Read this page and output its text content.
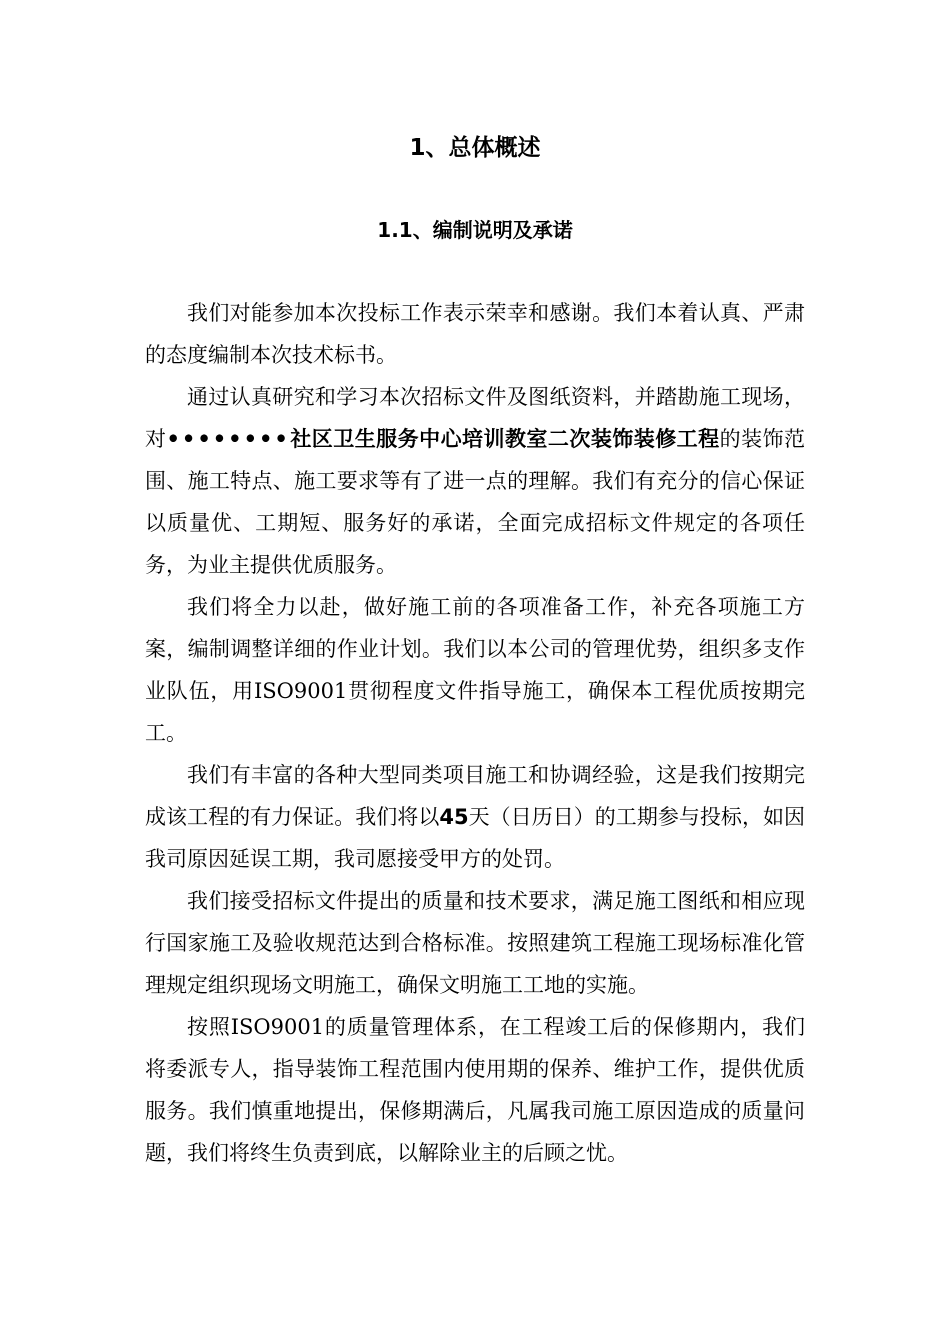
1、总体概述
1.1、编制说明及承诺

我们对能参加本次投标工作表示荣幸和感谢。我们本着认真、严肃的态度编制本次技术标书。

通过认真研究和学习本次招标文件及图纸资料，并踏勘施工现场，对••••••••社区卫生服务中心培训教室二次装饰装修工程的装饰范围、施工特点、施工要求等有了进一点的理解。我们有充分的信心保证以质量优、工期短、服务好的承诺，全面完成招标文件规定的各项任务，为业主提供优质服务。

我们将全力以赴，做好施工前的各项准备工作，补充各项施工方案，编制调整详细的作业计划。我们以本公司的管理优势，组织多支作业队伍，用ISO9001贯彻程度文件指导施工，确保本工程优质按期完工。

我们有丰富的各种大型同类项目施工和协调经验，这是我们按期完成该工程的有力保证。我们将以45天（日历日）的工期参与投标，如因我司原因延误工期，我司愿接受甲方的处罚。

我们接受招标文件提出的质量和技术要求，满足施工图纸和相应现行国家施工及验收规范达到合格标准。按照建筑工程施工现场标准化管理规定组织现场文明施工，确保文明施工工地的实施。

按照ISO9001的质量管理体系，在工程竣工后的保修期内，我们将委派专人，指导装饰工程范围内使用期的保养、维护工作，提供优质服务。我们慎重地提出，保修期满后，凡属我司施工原因造成的质量问题，我们将终生负责到底，以解除业主的后顾之忧。
